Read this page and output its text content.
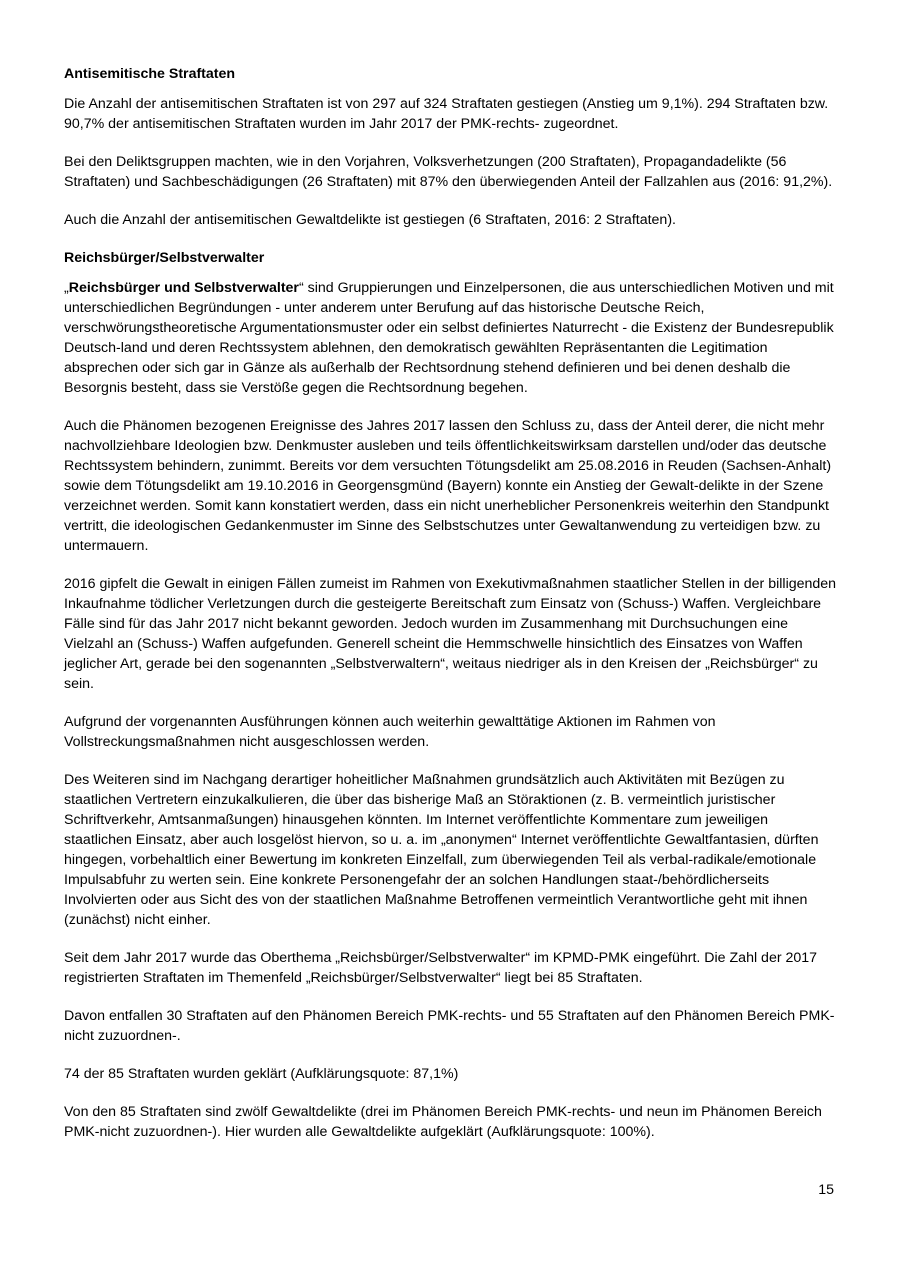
Antisemitische Straftaten

Die Anzahl der antisemitischen Straftaten ist von 297 auf 324 Straftaten gestiegen (Anstieg um 9,1%). 294 Straftaten bzw. 90,7% der antisemitischen Straftaten wurden im Jahr 2017 der PMK-rechts- zugeordnet.

Bei den Deliktsgruppen machten, wie in den Vorjahren, Volksverhetzungen (200 Straftaten), Propagandadelikte (56 Straftaten) und Sachbeschädigungen (26 Straftaten) mit 87% den überwiegenden Anteil der Fallzahlen aus (2016: 91,2%).

Auch die Anzahl der antisemitischen Gewaltdelikte ist gestiegen (6 Straftaten, 2016: 2 Straftaten).

Reichsbürger/Selbstverwalter

„Reichsbürger und Selbstverwalter“ sind Gruppierungen und Einzelpersonen, die aus unterschiedlichen Motiven und mit unterschiedlichen Begründungen - unter anderem unter Berufung auf das historische Deutsche Reich, verschwörungstheoretische Argumentationsmuster oder ein selbst definiertes Naturrecht - die Existenz der Bundesrepublik Deutsch-land und deren Rechtssystem ablehnen, den demokratisch gewählten Repräsentanten die Legitimation absprechen oder sich gar in Gänze als außerhalb der Rechtsordnung stehend definieren und bei denen deshalb die Besorgnis besteht, dass sie Verstöße gegen die Rechtsordnung begehen.

Auch die Phänomen bezogenen Ereignisse des Jahres 2017 lassen den Schluss zu, dass der Anteil derer, die nicht mehr nachvollziehbare Ideologien bzw. Denkmuster ausleben und teils öffentlichkeitswirksam darstellen und/oder das deutsche Rechtssystem behindern, zunimmt. Bereits vor dem versuchten Tötungsdelikt am 25.08.2016 in Reuden (Sachsen-Anhalt) sowie dem Tötungsdelikt am 19.10.2016 in Georgensgmünd (Bayern) konnte ein Anstieg der Gewalt-delikte in der Szene verzeichnet werden. Somit kann konstatiert werden, dass ein nicht unerheblicher Personenkreis weiterhin den Standpunkt vertritt, die ideologischen Gedankenmuster im Sinne des Selbstschutzes unter Gewaltanwendung zu verteidigen bzw. zu untermauern.

2016 gipfelt die Gewalt in einigen Fällen zumeist im Rahmen von Exekutivmaßnahmen staatlicher Stellen in der billigenden Inkaufnahme tödlicher Verletzungen durch die gesteigerte Bereitschaft zum Einsatz von (Schuss-) Waffen. Vergleichbare Fälle sind für das Jahr 2017 nicht bekannt geworden. Jedoch wurden im Zusammenhang mit Durchsuchungen eine Vielzahl an (Schuss-) Waffen aufgefunden. Generell scheint die Hemmschwelle hinsichtlich des Einsatzes von Waffen jeglicher Art, gerade bei den sogenannten „Selbstverwaltern“, weitaus niedriger als in den Kreisen der „Reichsbürger“ zu sein.

Aufgrund der vorgenannten Ausführungen können auch weiterhin gewalttätige Aktionen im Rahmen von Vollstreckungsmaßnahmen nicht ausgeschlossen werden.

Des Weiteren sind im Nachgang derartiger hoheitlicher Maßnahmen grundsätzlich auch Aktivitäten mit Bezügen zu staatlichen Vertretern einzukalkulieren, die über das bisherige Maß an Störaktionen (z. B. vermeintlich juristischer Schriftverkehr, Amtsanmaßungen) hinausgehen könnten. Im Internet veröffentlichte Kommentare zum jeweiligen staatlichen Einsatz, aber auch losgelöst hiervon, so u. a. im „anonymen“ Internet veröffentlichte Gewaltfantasien, dürften hingegen, vorbehaltlich einer Bewertung im konkreten Einzelfall, zum überwiegenden Teil als verbal-radikale/emotionale Impulsabfuhr zu werten sein. Eine konkrete Personengefahr der an solchen Handlungen staat-/behördlicherseits Involvierten oder aus Sicht des von der staatlichen Maßnahme Betroffenen vermeintlich Verantwortliche geht mit ihnen (zunächst) nicht einher.

Seit dem Jahr 2017 wurde das Oberthema „Reichsbürger/Selbstverwalter“ im KPMD-PMK eingeführt. Die Zahl der 2017 registrierten Straftaten im Themenfeld „Reichsbürger/Selbstverwalter“ liegt bei 85 Straftaten.

Davon entfallen 30 Straftaten auf den Phänomen Bereich PMK-rechts- und 55 Straftaten auf den Phänomen Bereich PMK-nicht zuzuordnen-.

74 der 85 Straftaten wurden geklärt (Aufklärungsquote: 87,1%)

Von den 85 Straftaten sind zwölf Gewaltdelikte (drei im Phänomen Bereich PMK-rechts- und neun im Phänomen Bereich PMK-nicht zuzuordnen-). Hier wurden alle Gewaltdelikte aufgeklärt (Aufklärungsquote: 100%).

15
